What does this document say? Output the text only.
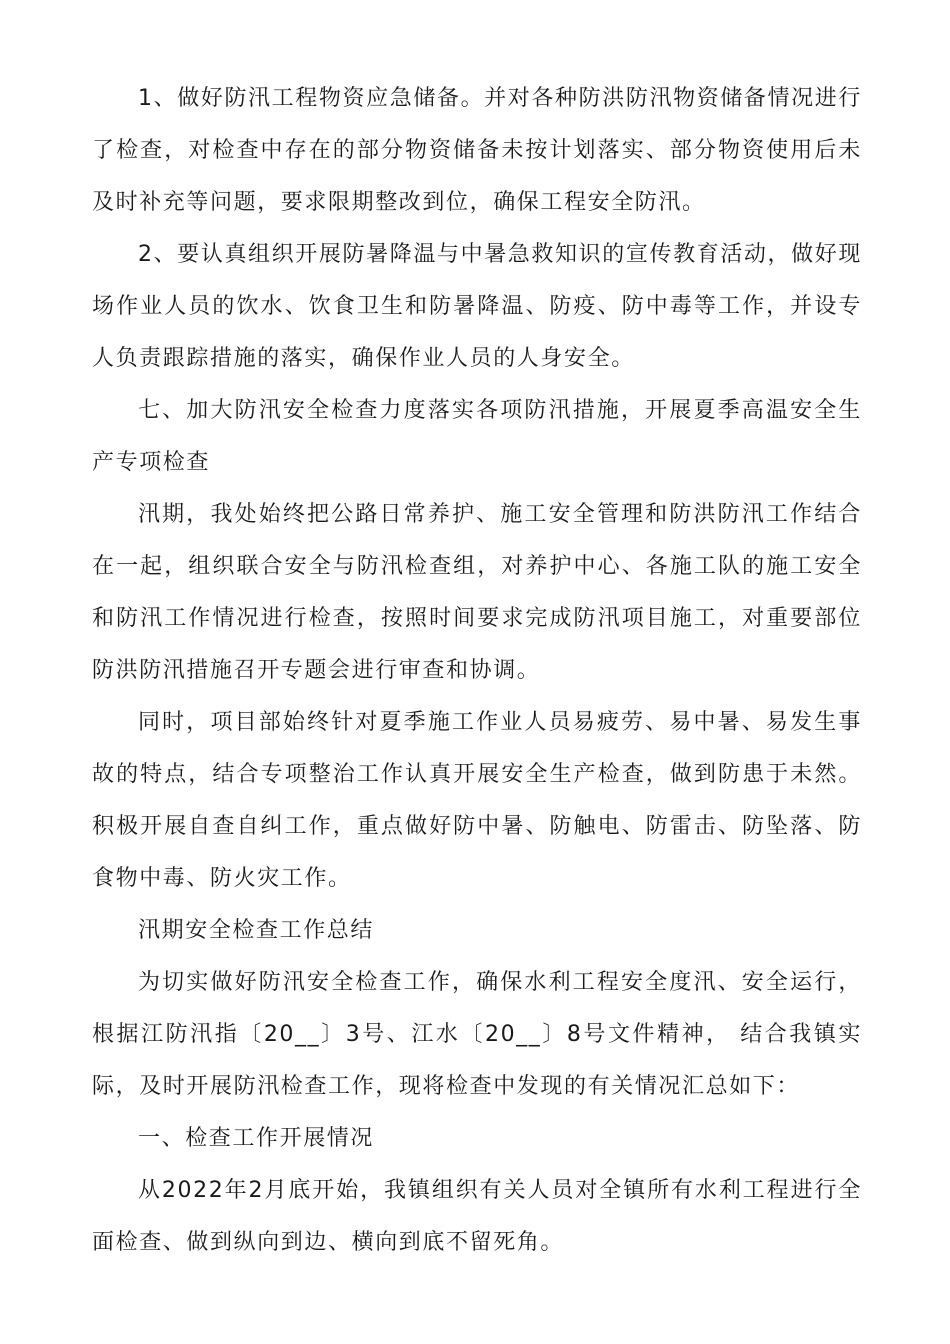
1、做好防汛工程物资应急储备。并对各种防洪防汛物资储备情况进行了检查，对检查中存在的部分物资储备未按计划落实、部分物资使用后未及时补充等问题，要求限期整改到位，确保工程安全防汛。

2、要认真组织开展防暑降温与中暑急救知识的宣传教育活动，做好现场作业人员的饮水、饮食卫生和防暑降温、防疫、防中毒等工作，并设专人负责跟踪措施的落实，确保作业人员的人身安全。

七、加大防汛安全检查力度落实各项防汛措施，开展夏季高温安全生产专项检查

汛期，我处始终把公路日常养护、施工安全管理和防洪防汛工作结合在一起，组织联合安全与防汛检查组，对养护中心、各施工队的施工安全和防汛工作情况进行检查，按照时间要求完成防汛项目施工，对重要部位防洪防汛措施召开专题会进行审查和协调。

同时，项目部始终针对夏季施工作业人员易疲劳、易中暑、易发生事故的特点，结合专项整治工作认真开展安全生产检查，做到防患于未然。积极开展自查自纠工作，重点做好防中暑、防触电、防雷击、防坠落、防食物中毒、防火灾工作。

汛期安全检查工作总结

为切实做好防汛安全检查工作，确保水利工程安全度汛、安全运行，根据江防汛指〔20__〕3号、江水〔20__〕8号文件精神， 结合我镇实际，及时开展防汛检查工作，现将检查中发现的有关情况汇总如下：

一、检查工作开展情况

从2022年2月底开始，我镇组织有关人员对全镇所有水利工程进行全面检查、做到纵向到边、横向到底不留死角。
